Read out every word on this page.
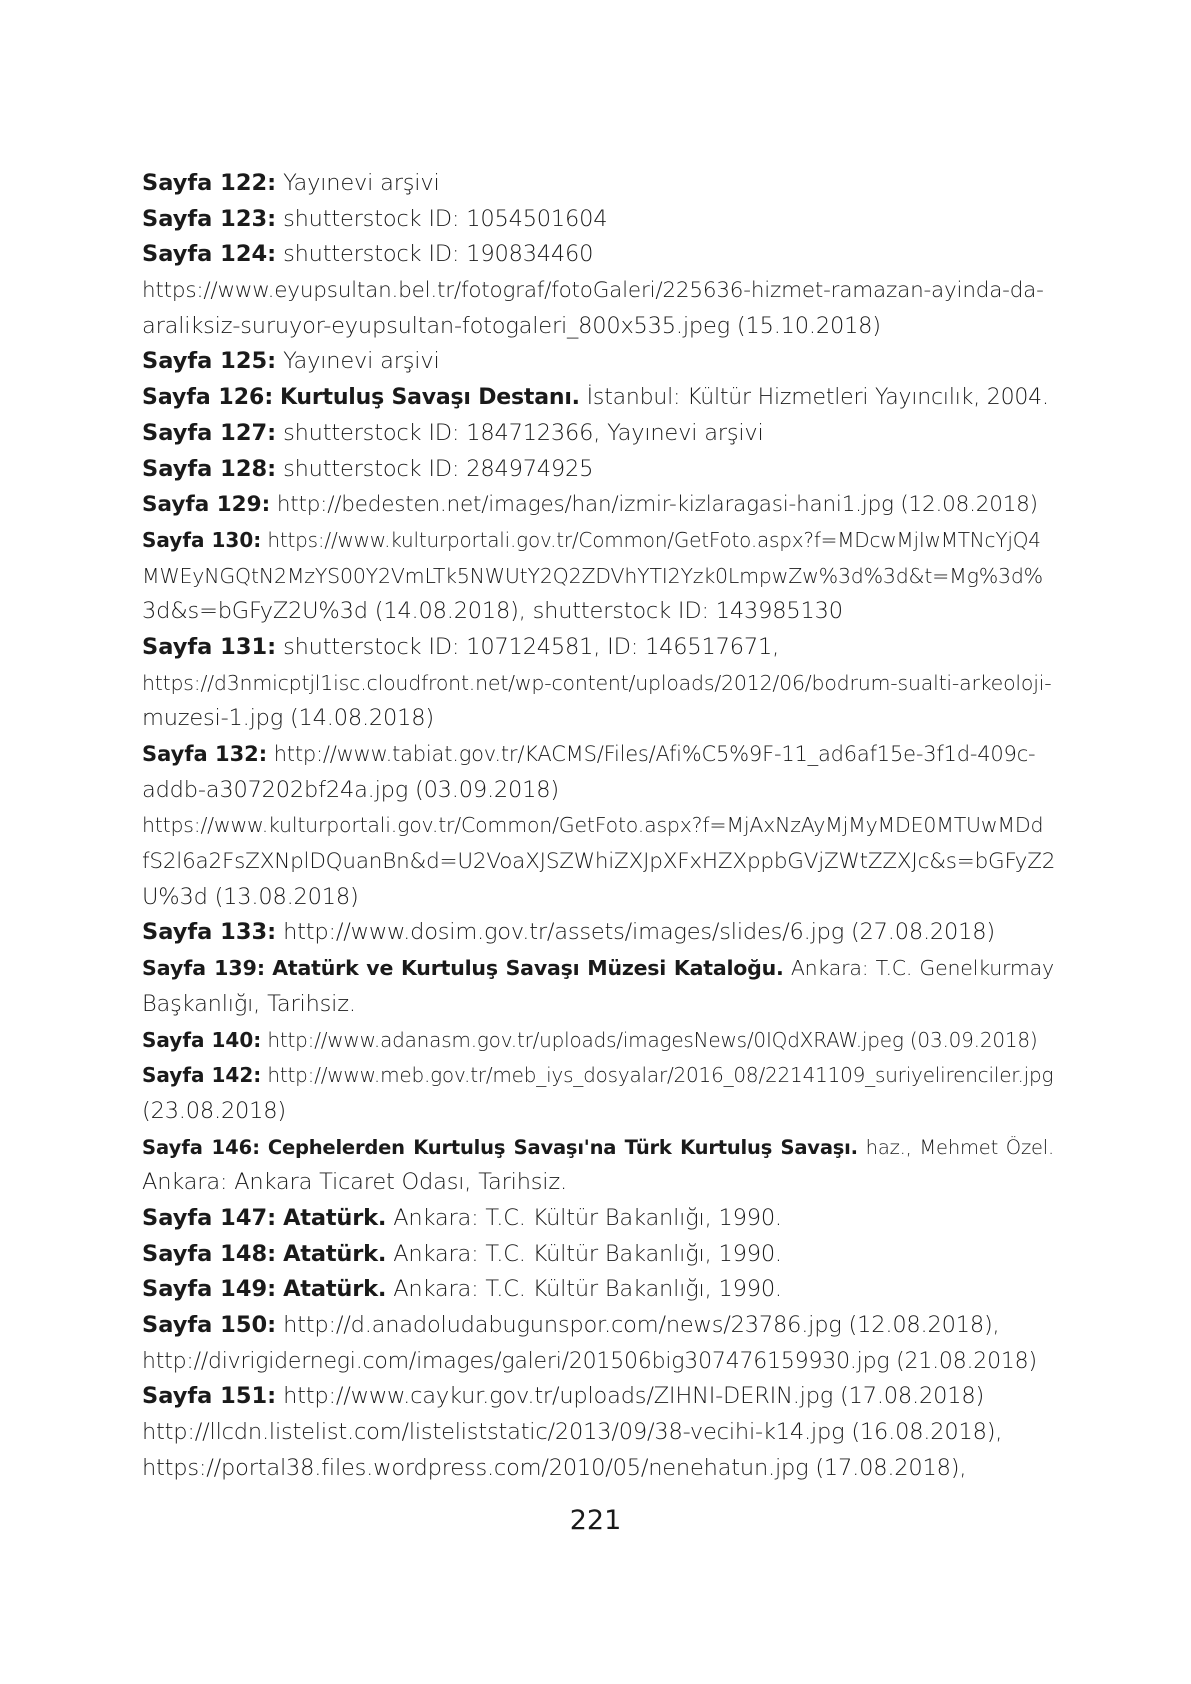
Sayfa 122: Yayınevi arşivi
Sayfa 123: shutterstock ID: 1054501604
Sayfa 124: shutterstock ID: 190834460
https://www.eyupsultan.bel.tr/fotograf/fotoGaleri/225636-hizmet-ramazan-ayinda-da-
araliksiz-suruyor-eyupsultan-fotogaleri_800x535.jpeg (15.10.2018)
Sayfa 125: Yayınevi arşivi
Sayfa 126: Kurtuluş Savaşı Destanı. İstanbul: Kültür Hizmetleri Yayıncılık, 2004.
Sayfa 127: shutterstock ID: 184712366, Yayınevi arşivi
Sayfa 128: shutterstock ID: 284974925
Sayfa 129: http://bedesten.net/images/han/izmir-kizlaragasi-hani1.jpg (12.08.2018)
Sayfa 130: https://www.kulturportali.gov.tr/Common/GetFoto.aspx?f=MDcwMjIwMTNcYjQ4
MWEyNGQtN2MzYS00Y2VmLTk5NWUtY2Q2ZDVhYTI2Yzk0LmpwZw%3d%3d&t=Mg%3d%
3d&s=bGFyZ2U%3d (14.08.2018), shutterstock ID: 143985130
Sayfa 131: shutterstock ID: 107124581, ID: 146517671,
https://d3nmicptjl1isc.cloudfront.net/wp-content/uploads/2012/06/bodrum-sualti-arkeoloji-
muzesi-1.jpg (14.08.2018)
Sayfa 132: http://www.tabiat.gov.tr/KACMS/Files/Afi%C5%9F-11_ad6af15e-3f1d-409c-
addb-a307202bf24a.jpg (03.09.2018)
https://www.kulturportali.gov.tr/Common/GetFoto.aspx?f=MjAxNzAyMjMyMDE0MTUwMDd
fS2l6a2FsZXNplDQuanBn&d=U2VoaXJSZWhiZXJpXFxHZXppbGVjZWtZZXJc&s=bGFyZ2
U%3d (13.08.2018)
Sayfa 133: http://www.dosim.gov.tr/assets/images/slides/6.jpg (27.08.2018)
Sayfa 139: Atatürk ve Kurtuluş Savaşı Müzesi Kataloğu. Ankara: T.C. Genelkurmay
Başkanlığı, Tarihsiz.
Sayfa 140: http://www.adanasm.gov.tr/uploads/imagesNews/0IQdXRAW.jpeg (03.09.2018)
Sayfa 142: http://www.meb.gov.tr/meb_iys_dosyalar/2016_08/22141109_suriyelirenciler.jpg
(23.08.2018)
Sayfa 146: Cephelerden Kurtuluş Savaşı'na Türk Kurtuluş Savaşı. haz., Mehmet Özel.
Ankara: Ankara Ticaret Odası, Tarihsiz.
Sayfa 147: Atatürk. Ankara: T.C. Kültür Bakanlığı, 1990.
Sayfa 148: Atatürk. Ankara: T.C. Kültür Bakanlığı, 1990.
Sayfa 149: Atatürk. Ankara: T.C. Kültür Bakanlığı, 1990.
Sayfa 150: http://d.anadoludabugunspor.com/news/23786.jpg (12.08.2018),
http://divrigidernegi.com/images/galeri/201506big307476159930.jpg (21.08.2018)
Sayfa 151: http://www.caykur.gov.tr/uploads/ZIHNI-DERIN.jpg (17.08.2018)
http://llcdn.listelist.com/listeliststatic/2013/09/38-vecihi-k14.jpg (16.08.2018),
https://portal38.files.wordpress.com/2010/05/nenehatun.jpg (17.08.2018),
221
